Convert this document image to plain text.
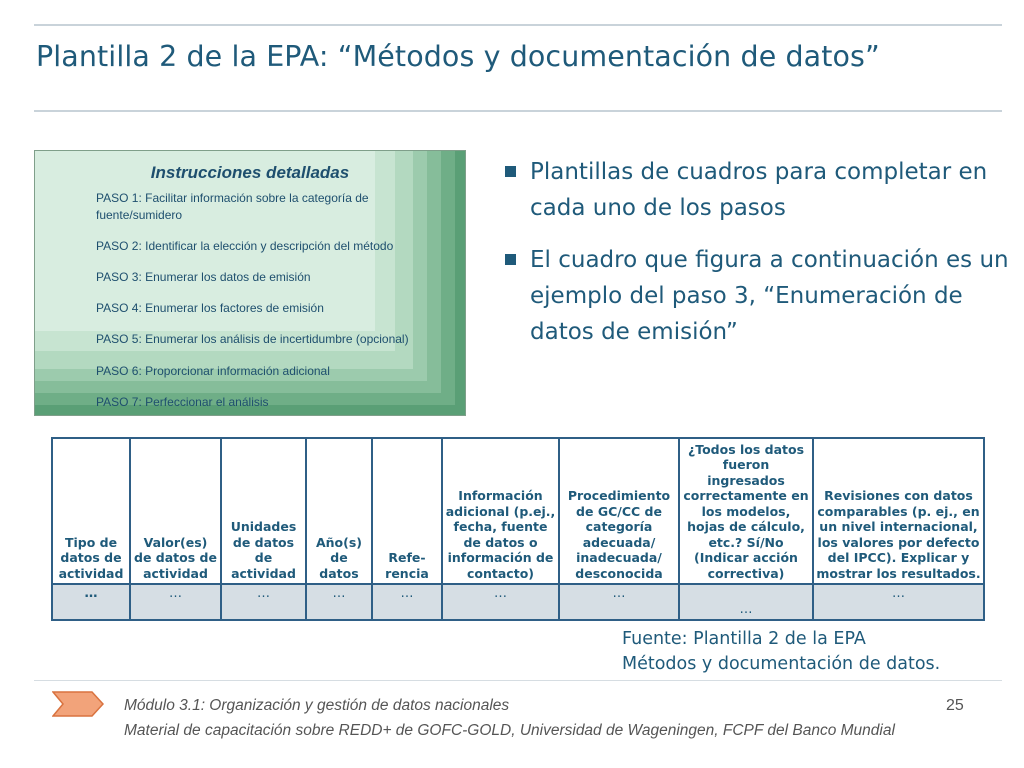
Plantilla 2 de la EPA: “Métodos y documentación de datos”
Instrucciones detalladas
PASO 1: Facilitar información sobre la categoría de fuente/sumidero
PASO 2: Identificar la elección y descripción del método
PASO 3: Enumerar los datos de emisión
PASO 4: Enumerar los factores de emisión
PASO 5: Enumerar los análisis de incertidumbre (opcional)
PASO 6: Proporcionar información adicional
PASO 7: Perfeccionar el análisis
Plantillas de cuadros para completar en cada uno de los pasos
El cuadro que figura a continuación es un ejemplo del paso 3, “Enumeración de datos de emisión”
Tipo de datos de actividad	Valor(es) de datos de actividad	Unidades de datos de actividad	Año(s) de datos	Refe- rencia	Información adicional (p.ej., fecha, fuente de datos o información de contacto)	Procedimiento de GC/CC de categoría adecuada/ inadecuada/ desconocida	¿Todos los datos fueron ingresados correctamente en los modelos, hojas de cálculo, etc.? Sí/No (Indicar acción correctiva)	Revisiones con datos comparables (p. ej., en un nivel internacional, los valores por defecto del IPCC). Explicar y mostrar los resultados.
…	…	…	…	…	…	…	…	…
Fuente: Plantilla 2 de la EPA
Métodos y documentación de datos.
Módulo 3.1: Organización y gestión de datos nacionales
Material de capacitación sobre REDD+ de GOFC-GOLD, Universidad de Wageningen, FCPF del Banco Mundial
25
